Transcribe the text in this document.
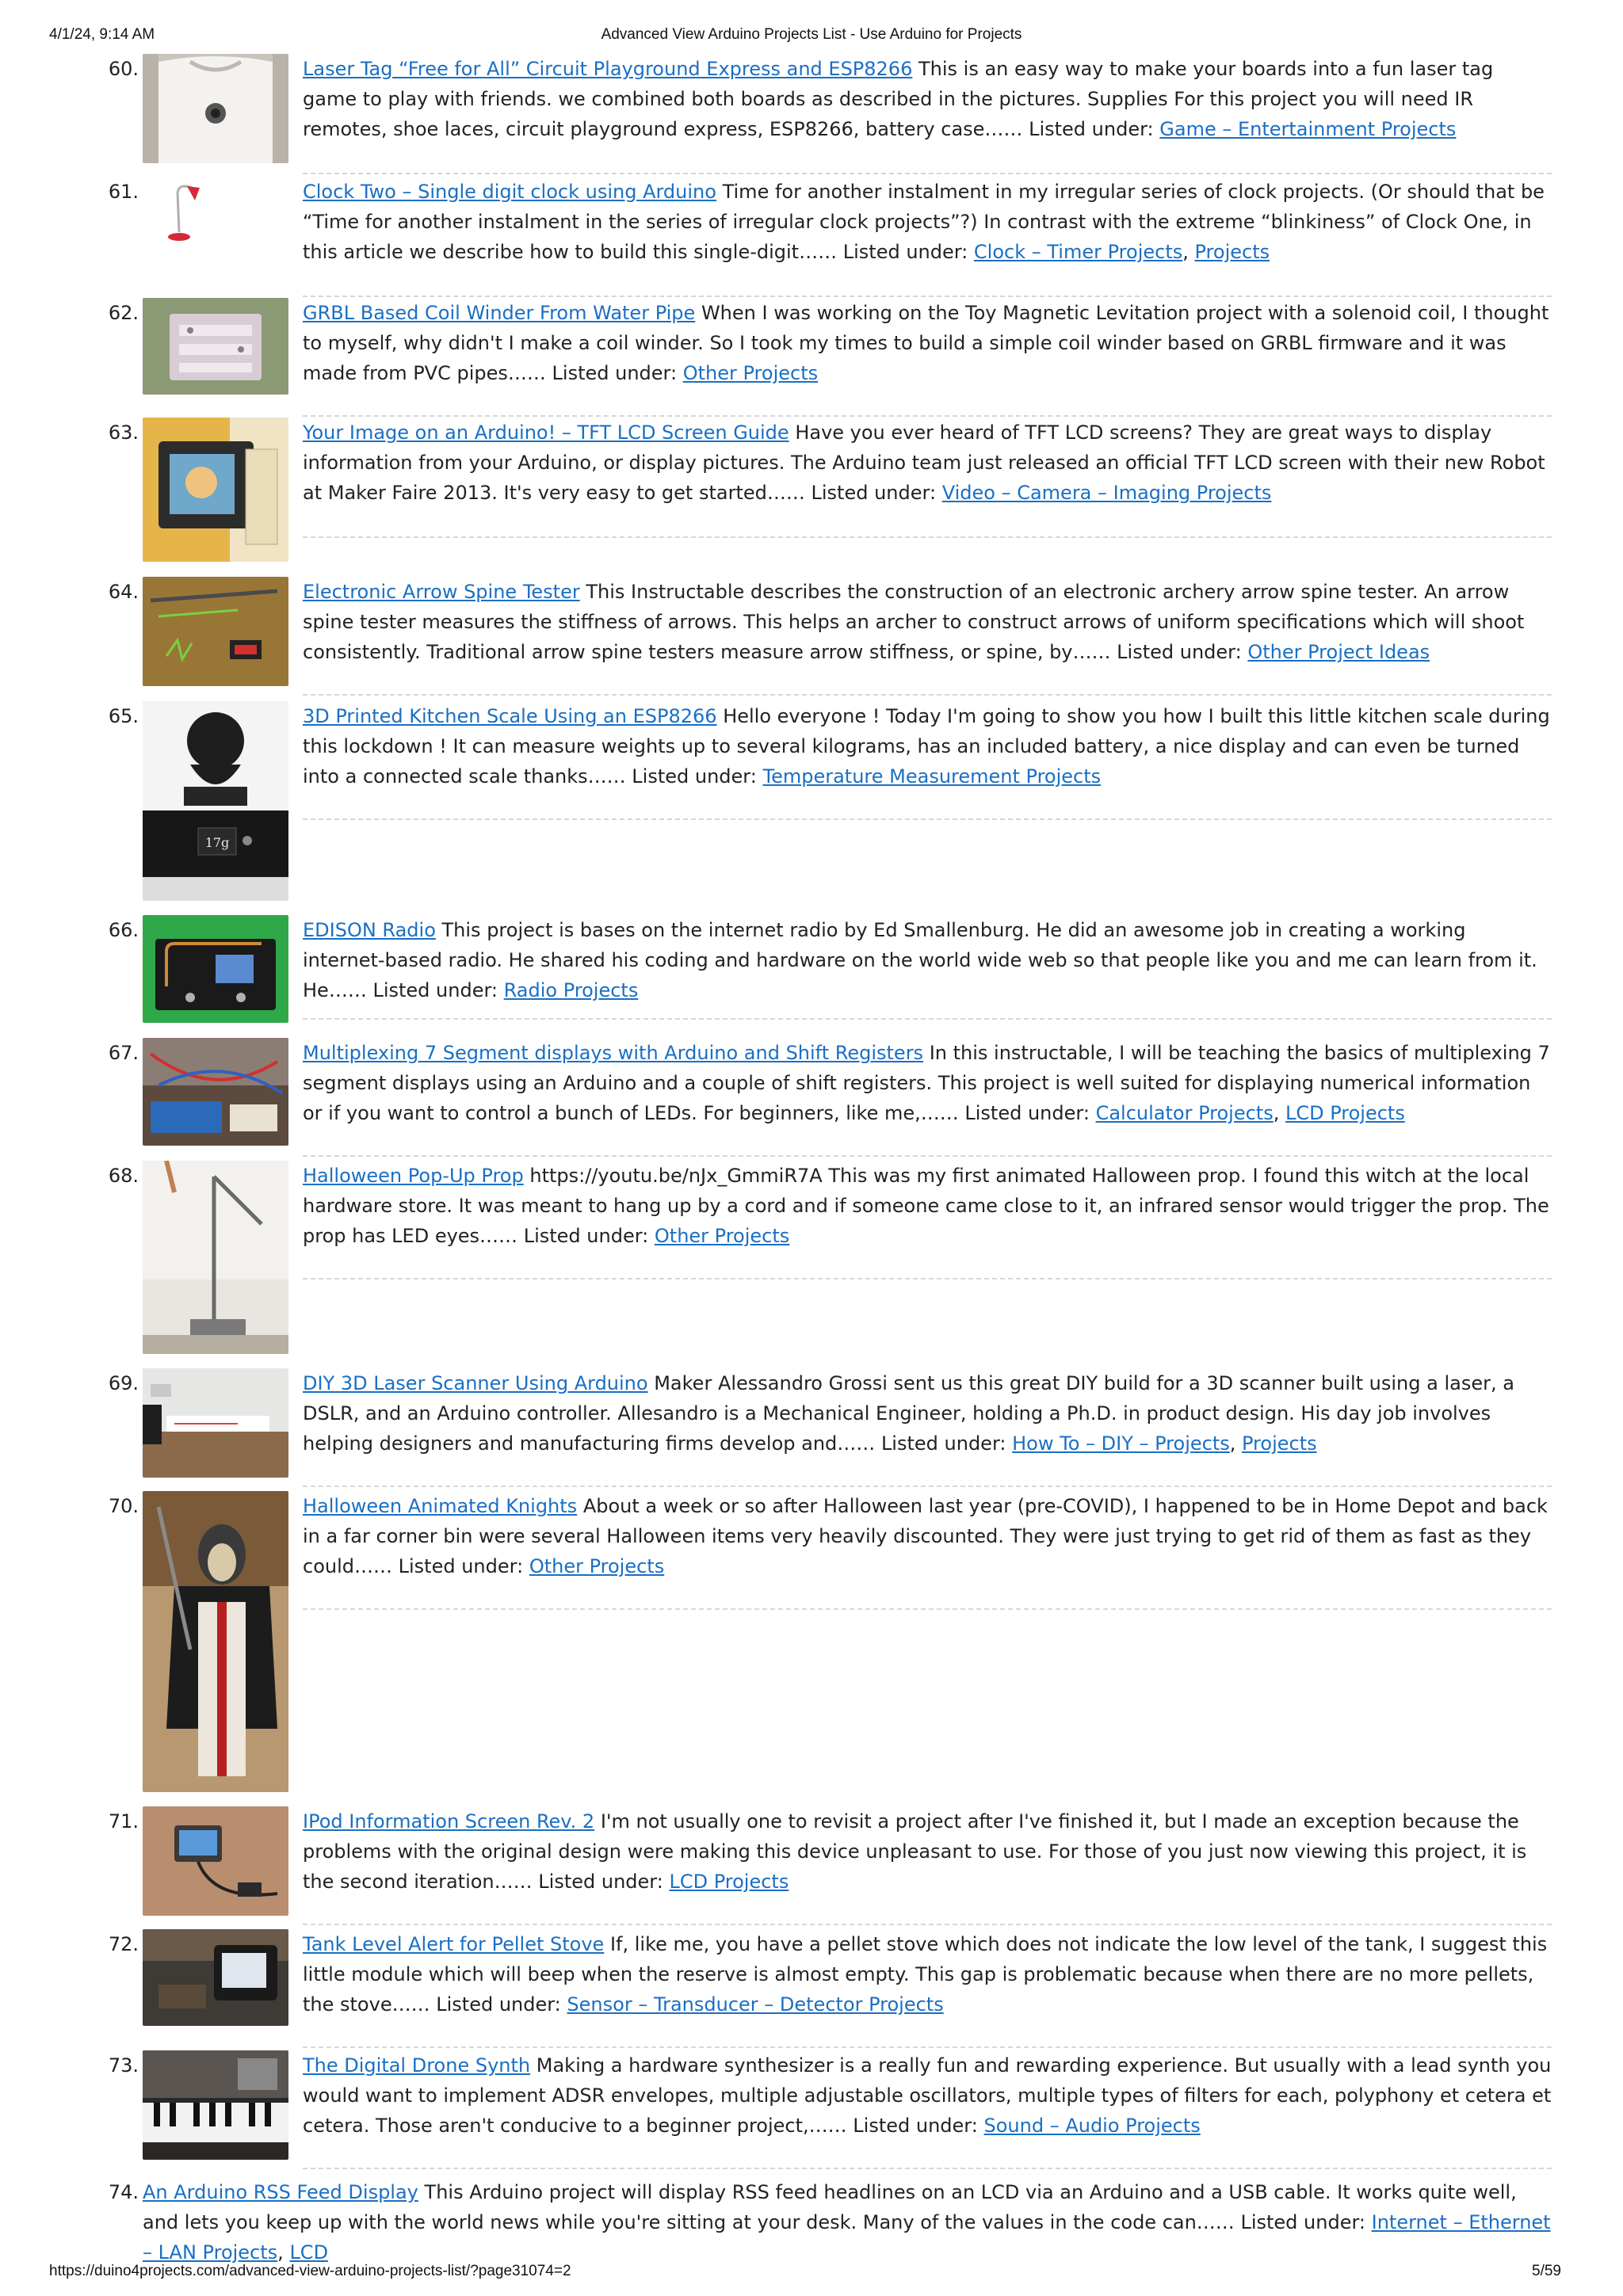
4/1/24, 9:14 AM	Advanced View Arduino Projects List - Use Arduino for Projects
60.	Laser Tag “Free for All” Circuit Playground Express and ESP8266 This is an easy way to make your boards into a fun laser tag game to play with friends. we combined both boards as described in the pictures. Supplies For this project you will need IR remotes, shoe laces, circuit playground express, ESP8266, battery case…… Listed under: Game – Entertainment Projects
61.	Clock Two – Single digit clock using Arduino Time for another instalment in my irregular series of clock projects. (Or should that be “Time for another instalment in the series of irregular clock projects”?) In contrast with the extreme “blinkiness” of Clock One, in this article we describe how to build this single-digit…… Listed under: Clock – Timer Projects, Projects
62.	GRBL Based Coil Winder From Water Pipe When I was working on the Toy Magnetic Levitation project with a solenoid coil, I thought to myself, why didn't I make a coil winder. So I took my times to build a simple coil winder based on GRBL firmware and it was made from PVC pipes…… Listed under: Other Projects
63.	Your Image on an Arduino! – TFT LCD Screen Guide Have you ever heard of TFT LCD screens? They are great ways to display information from your Arduino, or display pictures. The Arduino team just released an official TFT LCD screen with their new Robot at Maker Faire 2013. It's very easy to get started…… Listed under: Video – Camera – Imaging Projects
64.	Electronic Arrow Spine Tester This Instructable describes the construction of an electronic archery arrow spine tester. An arrow spine tester measures the stiffness of arrows. This helps an archer to construct arrows of uniform specifications which will shoot consistently. Traditional arrow spine testers measure arrow stiffness, or spine, by…… Listed under: Other Project Ideas
65.
17g
3D Printed Kitchen Scale Using an ESP8266 Hello everyone ! Today I'm going to show you how I built this little kitchen scale during this lockdown ! It can measure weights up to several kilograms, has an included battery, a nice display and can even be turned into a connected scale thanks…… Listed under: Temperature Measurement Projects
66.	EDISON Radio This project is bases on the internet radio by Ed Smallenburg. He did an awesome job in creating a working internet-based radio. He shared his coding and hardware on the world wide web so that people like you and me can learn from it. He…… Listed under: Radio Projects
67.	Multiplexing 7 Segment displays with Arduino and Shift Registers In this instructable, I will be teaching the basics of multiplexing 7 segment displays using an Arduino and a couple of shift registers. This project is well suited for displaying numerical information or if you want to control a bunch of LEDs. For beginners, like me,…… Listed under: Calculator Projects, LCD Projects
68.	Halloween Pop-Up Prop https://youtu.be/nJx_GmmiR7A This was my first animated Halloween prop. I found this witch at the local hardware store. It was meant to hang up by a cord and if someone came close to it, an infrared sensor would trigger the prop. The prop has LED eyes…… Listed under: Other Projects
69.	DIY 3D Laser Scanner Using Arduino Maker Alessandro Grossi sent us this great DIY build for a 3D scanner built using a laser, a DSLR, and an Arduino controller. Allesandro is a Mechanical Engineer, holding a Ph.D. in product design. His day job involves helping designers and manufacturing firms develop and…… Listed under: How To – DIY – Projects, Projects
70.	Halloween Animated Knights About a week or so after Halloween last year (pre-COVID), I happened to be in Home Depot and back in a far corner bin were several Halloween items very heavily discounted. They were just trying to get rid of them as fast as they could…… Listed under: Other Projects
71.	IPod Information Screen Rev. 2 I'm not usually one to revisit a project after I've finished it, but I made an exception because the problems with the original design were making this device unpleasant to use. For those of you just now viewing this project, it is the second iteration…… Listed under: LCD Projects
72.	Tank Level Alert for Pellet Stove If, like me, you have a pellet stove which does not indicate the low level of the tank, I suggest this little module which will beep when the reserve is almost empty. This gap is problematic because when there are no more pellets, the stove…… Listed under: Sensor – Transducer – Detector Projects
73.	The Digital Drone Synth Making a hardware synthesizer is a really fun and rewarding experience. But usually with a lead synth you would want to implement ADSR envelopes, multiple adjustable oscillators, multiple types of filters for each, polyphony et cetera et cetera. Those aren't conducive to a beginner project,…… Listed under: Sound – Audio Projects
74. An Arduino RSS Feed Display This Arduino project will display RSS feed headlines on an LCD via an Arduino and a USB cable. It works quite well, and lets you keep up with the world news while you're sitting at your desk. Many of the values in the code can…… Listed under: Internet – Ethernet – LAN Projects, LCD
https://duino4projects.com/advanced-view-arduino-projects-list/?page31074=2	5/59
